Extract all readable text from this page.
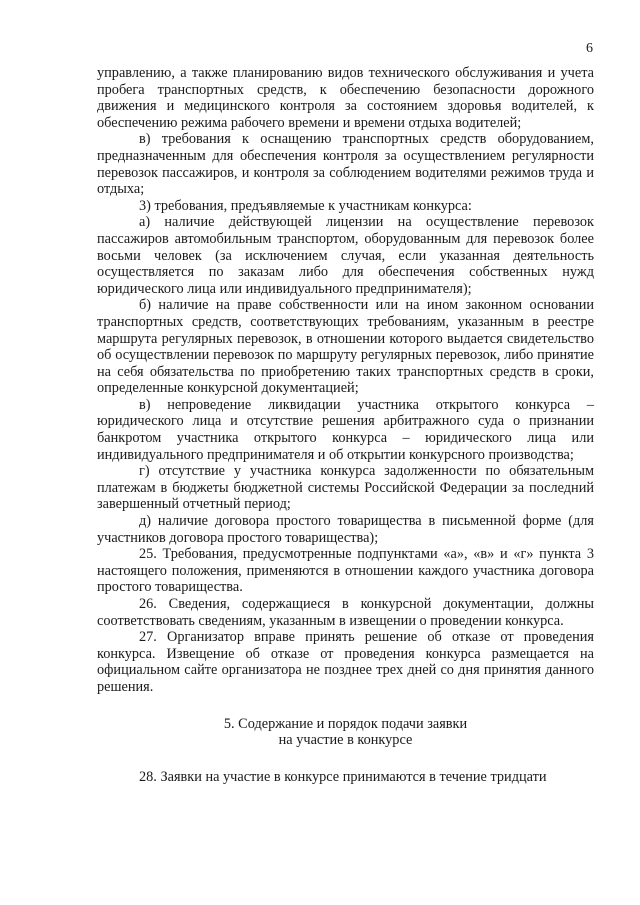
6

управлению, а также планированию видов технического обслуживания и учета пробега транспортных средств, к обеспечению безопасности дорожного движения и медицинского контроля за состоянием здоровья водителей, к обеспечению режима рабочего времени и времени отдыха водителей;

в) требования к оснащению транспортных средств оборудованием, предназначенным для обеспечения контроля за осуществлением регулярности перевозок пассажиров, и контроля за соблюдением водителями режимов труда и отдыха;

3) требования, предъявляемые к участникам конкурса:

а) наличие действующей лицензии на осуществление перевозок пассажиров автомобильным транспортом, оборудованным для перевозок более восьми человек (за исключением случая, если указанная деятельность осуществляется по заказам либо для обеспечения собственных нужд юридического лица или индивидуального предпринимателя);

б) наличие на праве собственности или на ином законном основании транспортных средств, соответствующих требованиям, указанным в реестре маршрута регулярных перевозок, в отношении которого выдается свидетельство об осуществлении перевозок по маршруту регулярных перевозок, либо принятие на себя обязательства по приобретению таких транспортных средств в сроки, определенные конкурсной документацией;

в) непроведение ликвидации участника открытого конкурса – юридического лица и отсутствие решения арбитражного суда о признании банкротом участника открытого конкурса – юридического лица или индивидуального предпринимателя и об открытии конкурсного производства;

г) отсутствие у участника конкурса задолженности по обязательным платежам в бюджеты бюджетной системы Российской Федерации за последний завершенный отчетный период;

д) наличие договора простого товарищества в письменной форме (для участников договора простого товарищества);

25. Требования, предусмотренные подпунктами «а», «в» и «г» пункта 3 настоящего положения, применяются в отношении каждого участника договора простого товарищества.

26. Сведения, содержащиеся в конкурсной документации, должны соответствовать сведениям, указанным в извещении о проведении конкурса.

27. Организатор вправе принять решение об отказе от проведения конкурса. Извещение об отказе от проведения конкурса размещается на официальном сайте организатора не позднее трех дней со дня принятия данного решения.

5. Содержание и порядок подачи заявки
на участие в конкурсе

28. Заявки на участие в конкурсе принимаются в течение тридцати
